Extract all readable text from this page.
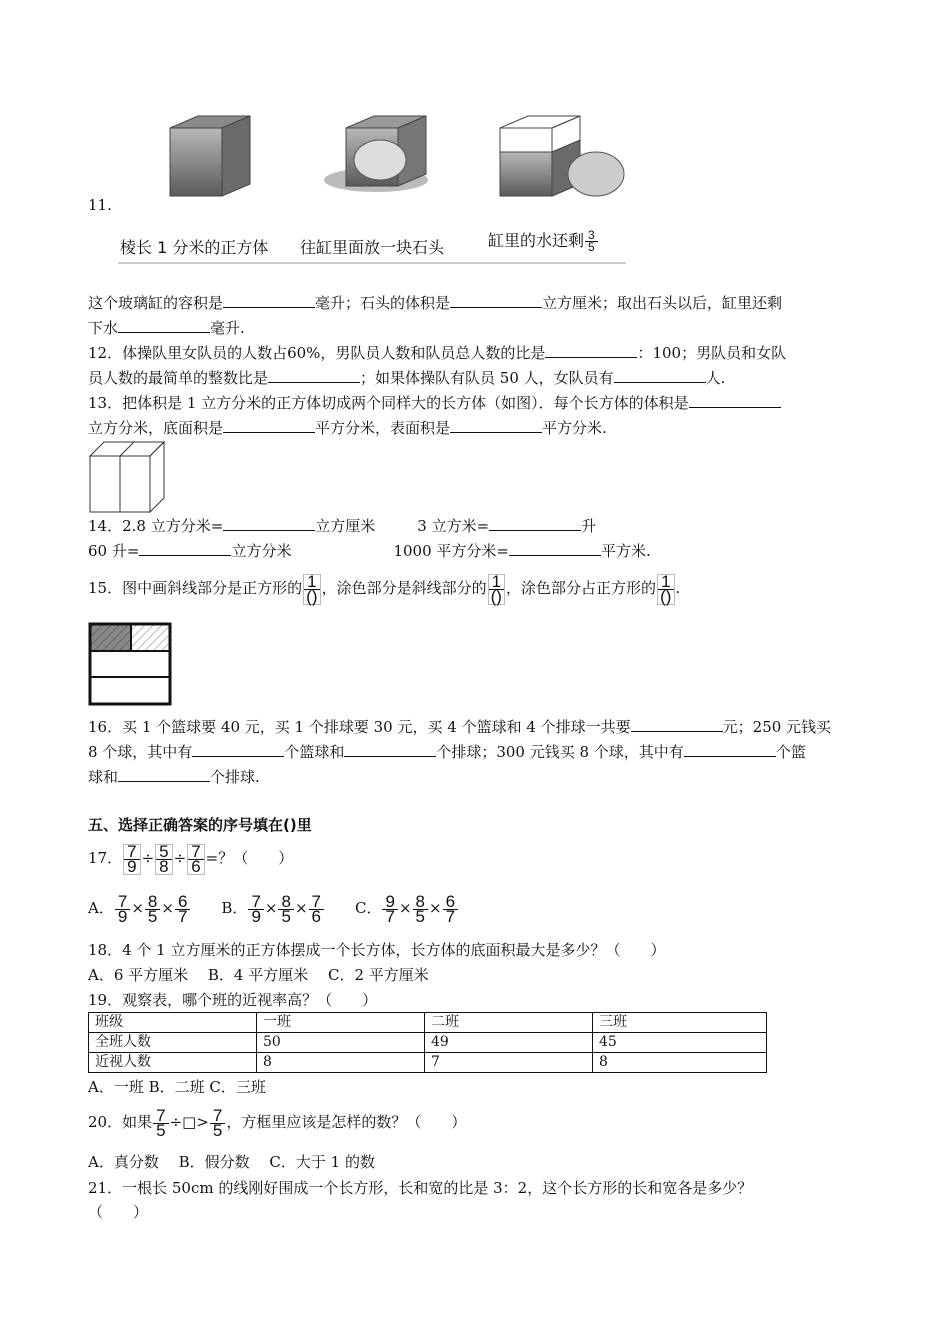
11.
棱长 1 分米的正方体 往缸里面放一块石头	缸里的水还剩 $\frac{3}{5}$
这个玻璃缸的容积是	毫升；石头的体积是	立方厘米；取出石头以后，缸里还剩
下水	毫升.
12．体操队里女队员的人数占60%，男队员人数和队员总人数的比是	：100；男队员和女队
员人数的最简单的整数比是	；如果体操队有队员 50 人，女队员有	人.
13．把体积是 1 立方分米的正方体切成两个同样大的长方体（如图）．每个长方体的体积是
立方分米，底面积是	平方分米，表面积是	平方分米.
14．2.8 立方分米=	立方厘米	3 立方米=	升
60 升=	立方分米	1000 平方分米=	平方米.
15．图中画斜线部分是正方形的 $\frac{1}{()}$ ，涂色部分是斜线部分的 $\frac{1}{()}$ ，涂色部分占正方形的 $\frac{1}{()}$ .
16．买 1 个篮球要 40 元，买 1 个排球要 30 元，买 4 个篮球和 4 个排球一共要	元；250 元钱买
8 个球，其中有	个篮球和	个排球；300 元钱买 8 个球，其中有	个篮
球和	个排球.
五、选择正确答案的序号填在()里
17． $\frac{7}{9} \div \frac{5}{8} \div \frac{7}{6}$ =？（　　）
A． $\frac{7}{9} \times \frac{8}{5} \times \frac{6}{7}$ B． $\frac{7}{9} \times \frac{8}{5} \times \frac{7}{6}$ C． $\frac{9}{7} \times \frac{8}{5} \times \frac{6}{7}$
18．4 个 1 立方厘米的正方体摆成一个长方体，长方体的底面积最大是多少？（　　）
A．6 平方厘米　 B．4 平方厘米　 C．2 平方厘米
19．观察表，哪个班的近视率高？（　　）
班级	一班	二班	三班
全班人数	50	49	45
近视人数	8	7	8
A．一班 B．二班 C．三班
20．如果 $\frac{7}{5}$ ÷□> $\frac{7}{5}$ ，方框里应该是怎样的数？（　　）
A．真分数　 B．假分数　 C．大于 1 的数
21．一根长 50cm 的线刚好围成一个长方形，长和宽的比是 3：2，这个长方形的长和宽各是多少？
（　　）
